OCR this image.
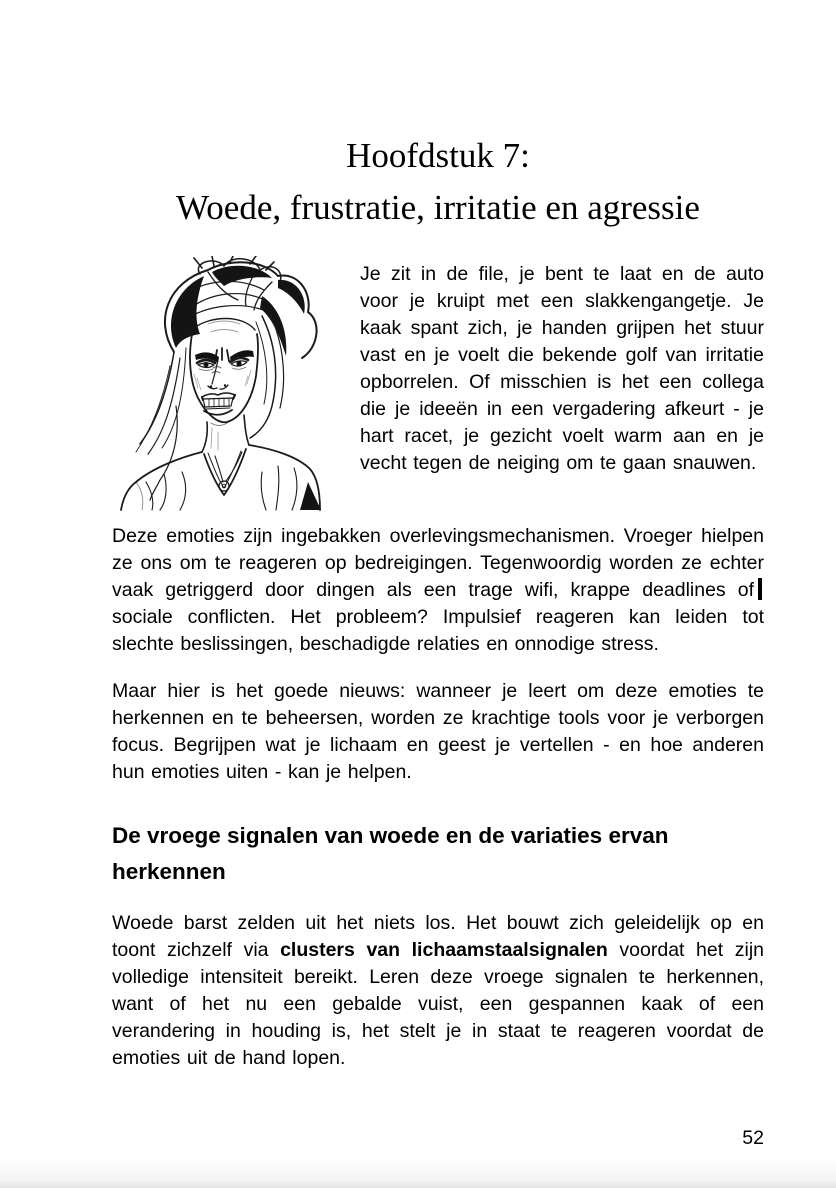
Hoofdstuk 7:
Woede, frustratie, irritatie en agressie

Je zit in de file, je bent te laat en de auto voor je kruipt met een slakkengangetje. Je kaak spant zich, je handen grijpen het stuur vast en je voelt die bekende golf van irritatie opborrelen. Of misschien is het een collega die je ideeën in een vergadering afkeurt - je hart racet, je gezicht voelt warm aan en je vecht tegen de neiging om te gaan snauwen.

Deze emoties zijn ingebakken overlevingsmechanismen. Vroeger hielpen ze ons om te reageren op bedreigingen. Tegenwoordig worden ze echter vaak getriggerd door dingen als een trage wifi, krappe deadlines ofsociale conflicten. Het probleem? Impulsief reageren kan leiden tot slechte beslissingen, beschadigde relaties en onnodige stress.

Maar hier is het goede nieuws: wanneer je leert om deze emoties te herkennen en te beheersen, worden ze krachtige tools voor je verborgen focus. Begrijpen wat je lichaam en geest je vertellen - en hoe anderen hun emoties uiten - kan je helpen.

De vroege signalen van woede en de variaties ervan herkennen

Woede barst zelden uit het niets los. Het bouwt zich geleidelijk op en toont zichzelf via clusters van lichaamstaalsignalen voordat het zijn volledige intensiteit bereikt. Leren deze vroege signalen te herkennen, want of het nu een gebalde vuist, een gespannen kaak of een verandering in houding is, het stelt je in staat te reageren voordat de emoties uit de hand lopen.

52
